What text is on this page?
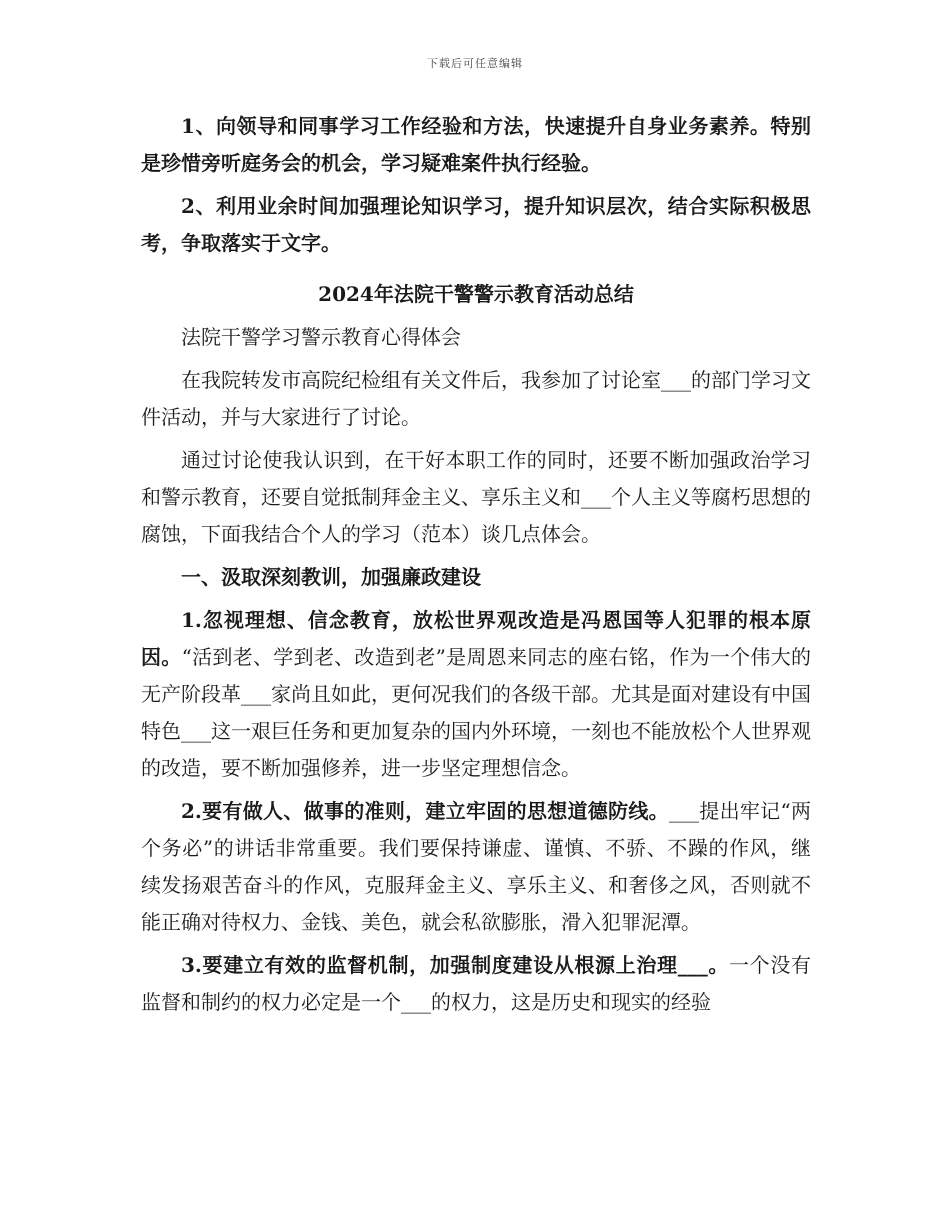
下载后可任意编辑

1、向领导和同事学习工作经验和方法，快速提升自身业务素养。特别是珍惜旁听庭务会的机会，学习疑难案件执行经验。

2、利用业余时间加强理论知识学习，提升知识层次，结合实际积极思考，争取落实于文字。

2024年法院干警警示教育活动总结

法院干警学习警示教育心得体会

在我院转发市高院纪检组有关文件后，我参加了讨论室___的部门学习文件活动，并与大家进行了讨论。

通过讨论使我认识到，在干好本职工作的同时，还要不断加强政治学习和警示教育，还要自觉抵制拜金主义、享乐主义和___个人主义等腐朽思想的腐蚀，下面我结合个人的学习（范本）谈几点体会。

一、汲取深刻教训，加强廉政建设

1.忽视理想、信念教育，放松世界观改造是冯恩国等人犯罪的根本原因。“活到老、学到老、改造到老”是周恩来同志的座右铭，作为一个伟大的无产阶段革___家尚且如此，更何况我们的各级干部。尤其是面对建设有中国特色___这一艰巨任务和更加复杂的国内外环境，一刻也不能放松个人世界观的改造，要不断加强修养，进一步坚定理想信念。

2.要有做人、做事的准则，建立牢固的思想道德防线。___提出牢记“两个务必”的讲话非常重要。我们要保持谦虚、谨慎、不骄、不躁的作风，继续发扬艰苦奋斗的作风，克服拜金主义、享乐主义、和奢侈之风，否则就不能正确对待权力、金钱、美色，就会私欲膨胀，滑入犯罪泥潭。

3.要建立有效的监督机制，加强制度建设从根源上治理___。一个没有监督和制约的权力必定是一个___的权力，这是历史和现实的经验
